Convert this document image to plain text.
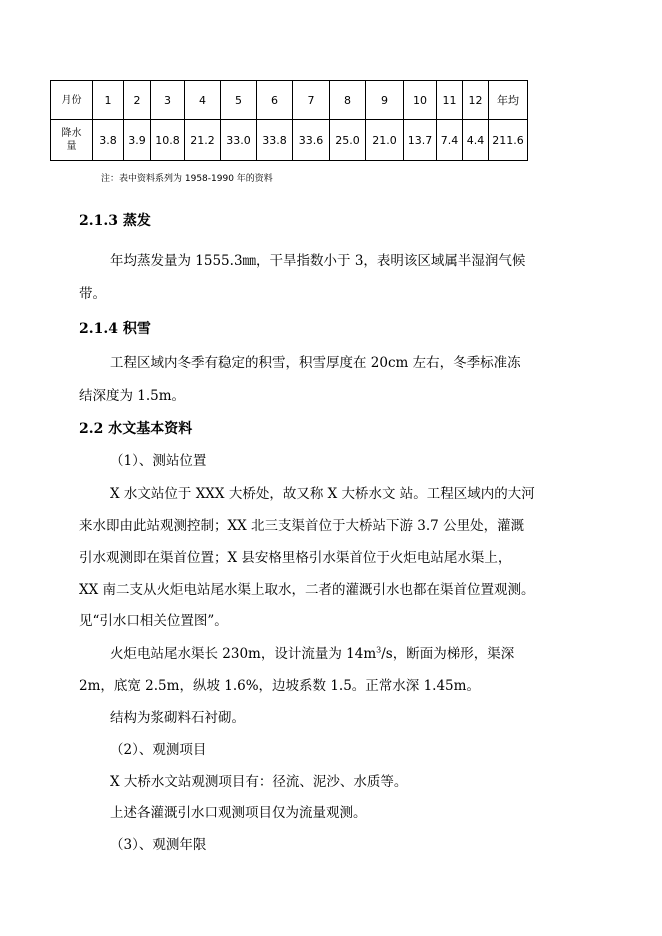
月份	1	2	3	4	5	6	7	8	9	10	11	12	年均
降水
量	3.8	3.9	10.8	21.2	33.0	33.8	33.6	25.0	21.0	13.7	7.4	4.4	211.6
注：表中资料系列为 1958-1990 年的资料
2.1.3 蒸发
年均蒸发量为 1555.3㎜，干旱指数小于 3，表明该区域属半湿润气候
带。
2.1.4 积雪
工程区域内冬季有稳定的积雪，积雪厚度在 20cm 左右，冬季标准冻
结深度为 1.5m。
2.2 水文基本资料
（1）、测站位置
X 水文站位于 XXX 大桥处，故又称 X 大桥水文 站。工程区域内的大河
来水即由此站观测控制；XX 北三支渠首位于大桥站下游 3.7 公里处，灌溉
引水观测即在渠首位置；X 县安格里格引水渠首位于火炬电站尾水渠上，
XX 南二支从火炬电站尾水渠上取水，二者的灌溉引水也都在渠首位置观测。
见“引水口相关位置图”。
火炬电站尾水渠长 230m，设计流量为 $14m^3/s$，断面为梯形，渠深
2m，底宽 2.5m，纵坡 1.6%，边坡系数 1.5。正常水深 1.45m。
结构为浆砌料石衬砌。
（2）、观测项目
X 大桥水文站观测项目有：径流、泥沙、水质等。
上述各灌溉引水口观测项目仅为流量观测。
（3）、观测年限
